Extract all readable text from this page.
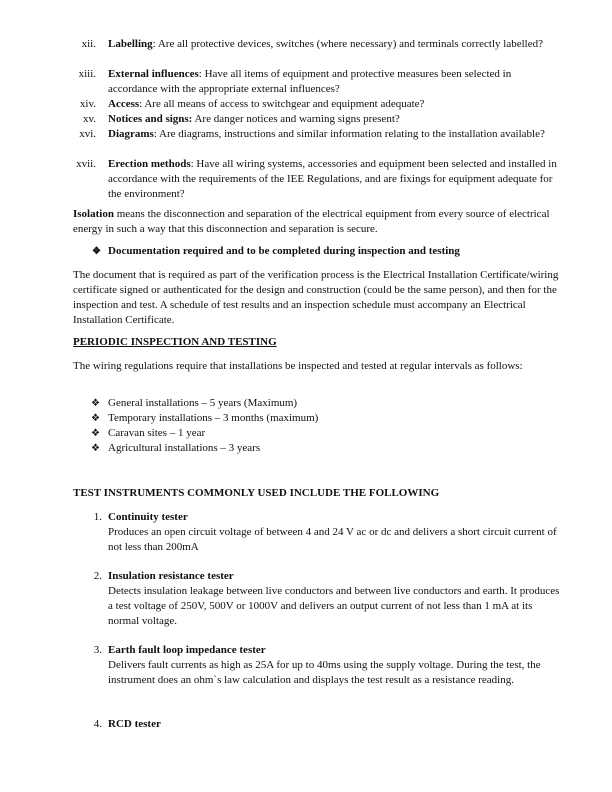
xii. Labelling: Are all protective devices, switches (where necessary) and terminals correctly labelled?
xiii. External influences: Have all items of equipment and protective measures been selected in accordance with the appropriate external influences?
xiv. Access: Are all means of access to switchgear and equipment adequate?
xv. Notices and signs: Are danger notices and warning signs present?
xvi. Diagrams: Are diagrams, instructions and similar information relating to the installation available?
xvii. Erection methods: Have all wiring systems, accessories and equipment been selected and installed in accordance with the requirements of the IEE Regulations, and are fixings for equipment adequate for the environment?
Isolation means the disconnection and separation of the electrical equipment from every source of electrical energy in such a way that this disconnection and separation is secure.
❖ Documentation required and to be completed during inspection and testing
The document that is required as part of the verification process is the Electrical Installation Certificate/wiring certificate signed or authenticated for the design and construction (could be the same person), and then for the inspection and test. A schedule of test results and an inspection schedule must accompany an Electrical Installation Certificate.
PERIODIC INSPECTION AND TESTING
The wiring regulations require that installations be inspected and tested at regular intervals as follows:
❖ General installations – 5 years (Maximum)
❖ Temporary installations – 3 months (maximum)
❖ Caravan sites – 1 year
❖ Agricultural installations – 3 years
TEST INSTRUMENTS COMMONLY USED INCLUDE THE FOLLOWING
1. Continuity tester
Produces an open circuit voltage of between 4 and 24 V ac or dc and delivers a short circuit current of not less than 200mA
2. Insulation resistance tester
Detects insulation leakage between live conductors and between live conductors and earth. It produces a test voltage of 250V, 500V or 1000V and delivers an output current of not less than 1 mA at its normal voltage.
3. Earth fault loop impedance tester
Delivers fault currents as high as 25A for up to 40ms using the supply voltage. During the test, the instrument does an ohm`s law calculation and displays the test result as a resistance reading.
4. RCD tester
